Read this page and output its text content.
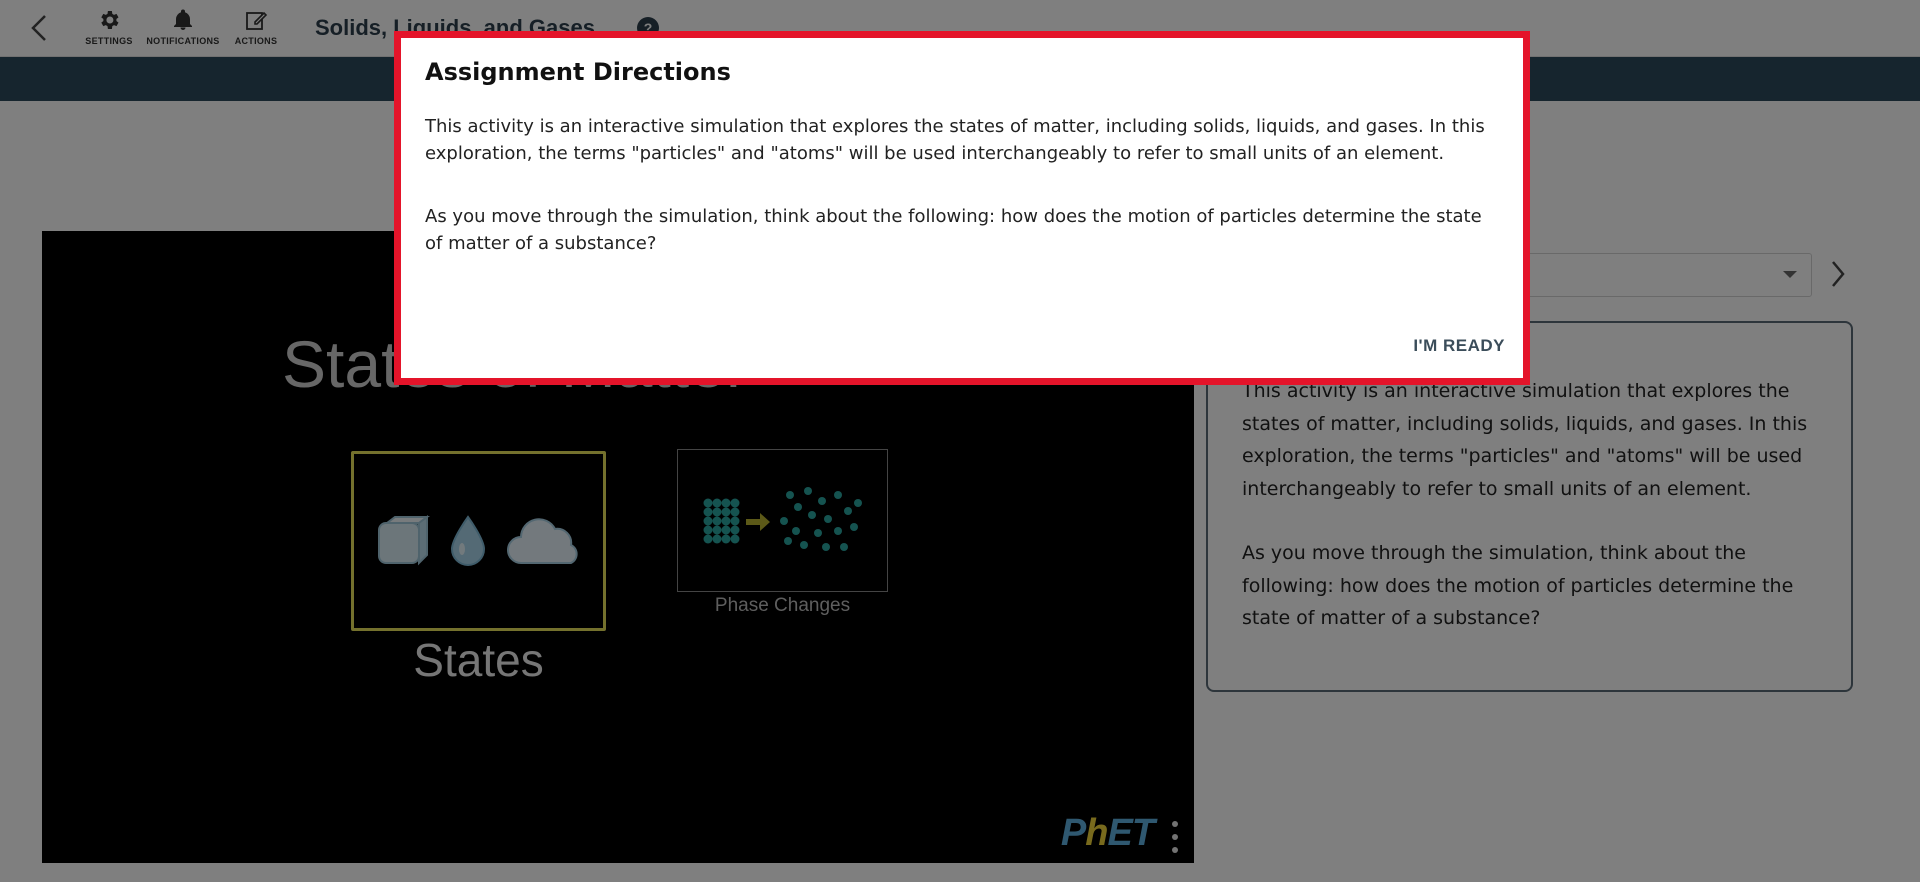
Assignment Directions

This activity is an interactive simulation that explores the states of matter, including solids, liquids, and gases. In this exploration, the terms "particles" and "atoms" will be used interchangeably to refer to small units of an element.

As you move through the simulation, think about the following: how does the motion of particles determine the state of matter of a substance?

I'M READY
